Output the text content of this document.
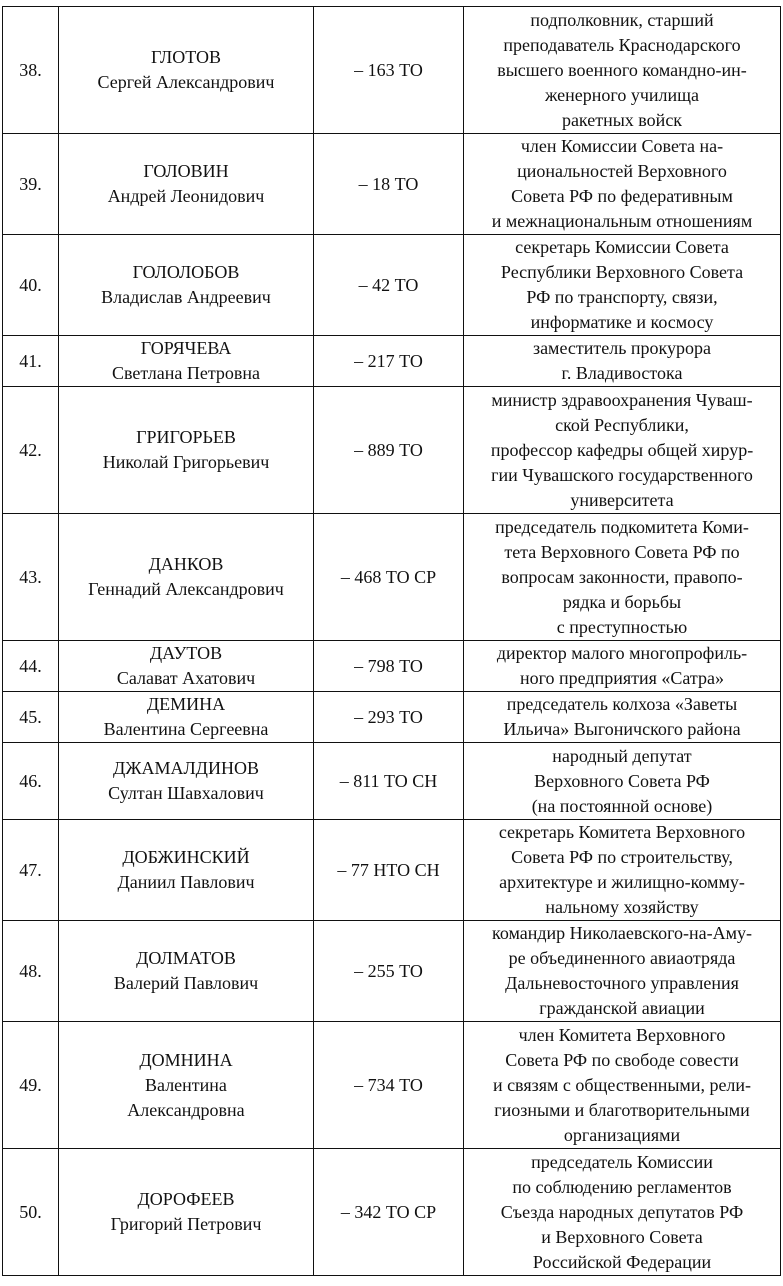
38.	ГЛОТОВ
Сергей Александрович	– 163 ТО	подполковник, старший
преподаватель Краснодарского
высшего военного командно-ин-
женерного училища
ракетных войск

39.	ГОЛОВИН
Андрей Леонидович	– 18 ТО	член Комиссии Совета на-
циональностей Верховного
Совета РФ по федеративным
и межнациональным отношениям

40.	ГОЛОЛОБОВ
Владислав Андреевич	– 42 ТО	секретарь Комиссии Совета
Республики Верховного Совета
РФ по транспорту, связи,
информатике и космосу

41.	ГОРЯЧЕВА
Светлана Петровна	– 217 ТО	заместитель прокурора
г. Владивостока

42.	ГРИГОРЬЕВ
Николай Григорьевич	– 889 ТО	министр здравоохранения Чуваш-
ской Республики,
профессор кафедры общей хирур-
гии Чувашского государственного
университета

43.	ДАНКОВ
Геннадий Александрович	– 468 ТО СР	председатель подкомитета Коми-
тета Верховного Совета РФ по
вопросам законности, правопо-
рядка и борьбы
с преступностью

44.	ДАУТОВ
Салават Ахатович	– 798 ТО	директор малого многопрофиль-
ного предприятия «Сатра»

45.	ДЕМИНА
Валентина Сергеевна	– 293 ТО	председатель колхоза «Заветы
Ильича» Выгоничского района

46.	ДЖАМАЛДИНОВ
Султан Шавхалович	– 811 ТО СН	народный депутат
Верховного Совета РФ
(на постоянной основе)

47.	ДОБЖИНСКИЙ
Даниил Павлович	– 77 НТО СН	секретарь Комитета Верховного
Совета РФ по строительству,
архитектуре и жилищно-комму-
нальному хозяйству

48.	ДОЛМАТОВ
Валерий Павлович	– 255 ТО	командир Николаевского-на-Аму-
ре объединенного авиаотряда
Дальневосточного управления
гражданской авиации

49.	ДОМНИНА
Валентина
Александровна	– 734 ТО	член Комитета Верховного
Совета РФ по свободе совести
и связям с общественными, рели-
гиозными и благотворительными
организациями

50.	ДОРОФЕЕВ
Григорий Петрович	– 342 ТО СР	председатель Комиссии
по соблюдению регламентов
Съезда народных депутатов РФ
и Верховного Совета
Российской Федерации
